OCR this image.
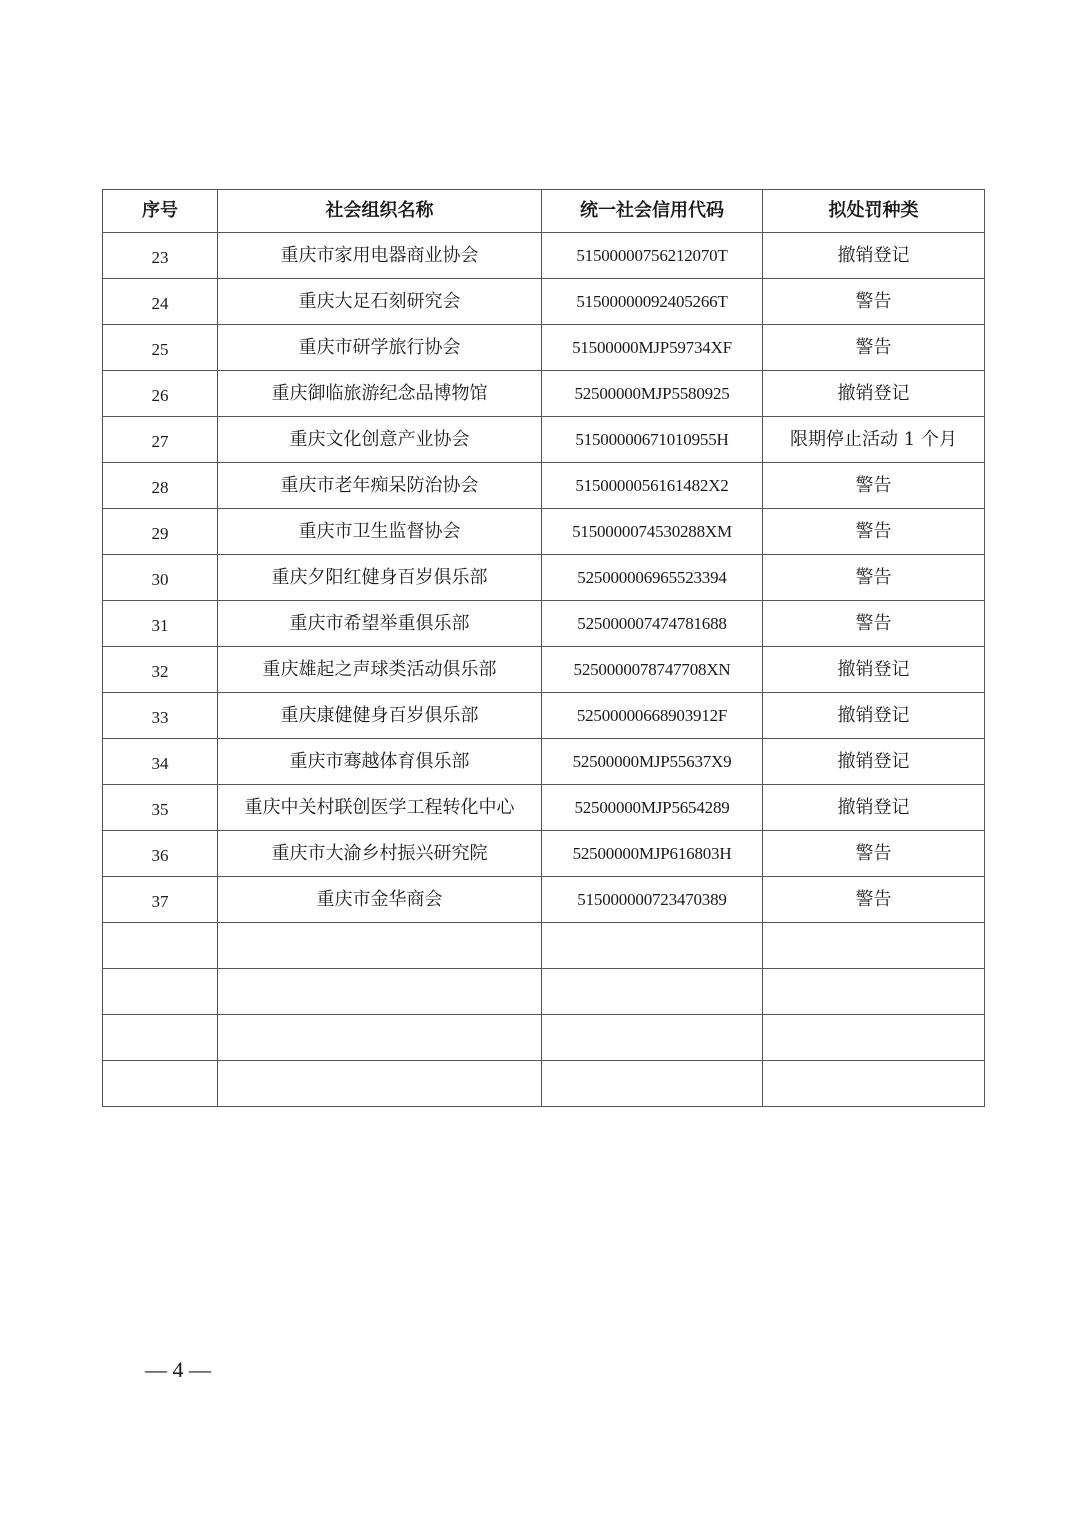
序号	社会组织名称	统一社会信用代码	拟处罚种类
23	重庆市家用电器商业协会	51500000756212070T	撤销登记
24	重庆大足石刻研究会	51500000092405266T	警告
25	重庆市研学旅行协会	51500000MJP59734XF	警告
26	重庆御临旅游纪念品博物馆	52500000MJP5580925	撤销登记
27	重庆文化创意产业协会	51500000671010955H	限期停止活动 1 个月
28	重庆市老年痴呆防治协会	5150000056161482X2	警告
29	重庆市卫生监督协会	5150000074530288XM	警告
30	重庆夕阳红健身百岁俱乐部	525000006965523394	警告
31	重庆市希望举重俱乐部	525000007474781688	警告
32	重庆雄起之声球类活动俱乐部	5250000078747708XN	撤销登记
33	重庆康健健身百岁俱乐部	52500000668903912F	撤销登记
34	重庆市骞越体育俱乐部	52500000MJP55637X9	撤销登记
35	重庆中关村联创医学工程转化中心	52500000MJP5654289	撤销登记
36	重庆市大渝乡村振兴研究院	52500000MJP616803H	警告
37	重庆市金华商会	515000000723470389	警告

— 4 —
